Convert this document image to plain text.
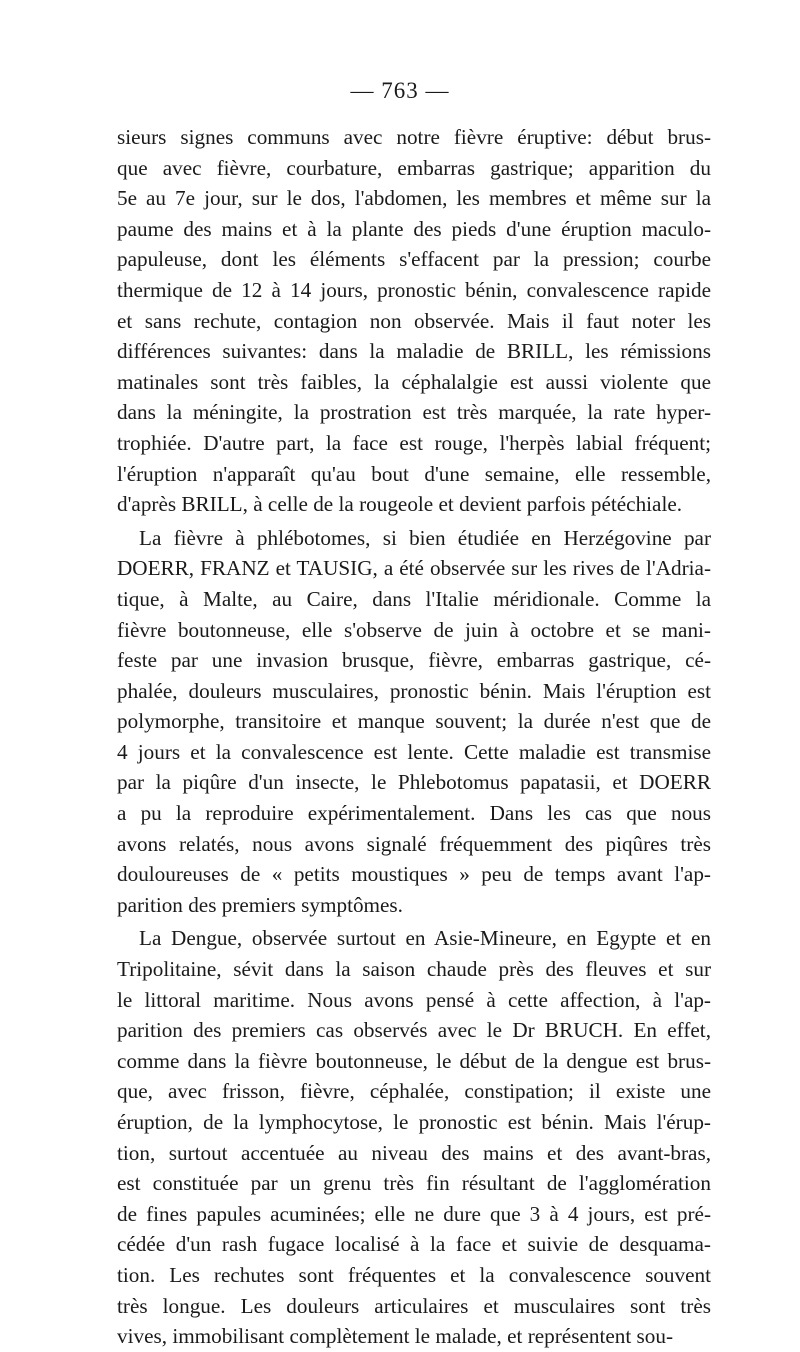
— 763 —
sieurs signes communs avec notre fièvre éruptive: début brus-
que avec fièvre, courbature, embarras gastrique; apparition du
5e au 7e jour, sur le dos, l'abdomen, les membres et même sur la
paume des mains et à la plante des pieds d'une éruption maculo-
papuleuse, dont les éléments s'effacent par la pression; courbe
thermique de 12 à 14 jours, pronostic bénin, convalescence rapide
et sans rechute, contagion non observée. Mais il faut noter les
différences suivantes: dans la maladie de BRILL, les rémissions
matinales sont très faibles, la céphalalgie est aussi violente que
dans la méningite, la prostration est très marquée, la rate hyper-
trophiée. D'autre part, la face est rouge, l'herpès labial fréquent;
l'éruption n'apparaît qu'au bout d'une semaine, elle ressemble,
d'après BRILL, à celle de la rougeole et devient parfois pétéchiale.
La fièvre à phlébotomes, si bien étudiée en Herzégovine par
DOERR, FRANZ et TAUSIG, a été observée sur les rives de l'Adria-
tique, à Malte, au Caire, dans l'Italie méridionale. Comme la
fièvre boutonneuse, elle s'observe de juin à octobre et se mani-
feste par une invasion brusque, fièvre, embarras gastrique, cé-
phalée, douleurs musculaires, pronostic bénin. Mais l'éruption est
polymorphe, transitoire et manque souvent; la durée n'est que de
4 jours et la convalescence est lente. Cette maladie est transmise
par la piqûre d'un insecte, le Phlebotomus papatasii, et DOERR
a pu la reproduire expérimentalement. Dans les cas que nous
avons relatés, nous avons signalé fréquemment des piqûres très
douloureuses de « petits moustiques » peu de temps avant l'ap-
parition des premiers symptômes.
La Dengue, observée surtout en Asie-Mineure, en Egypte et en
Tripolitaine, sévit dans la saison chaude près des fleuves et sur
le littoral maritime. Nous avons pensé à cette affection, à l'ap-
parition des premiers cas observés avec le Dr BRUCH. En effet,
comme dans la fièvre boutonneuse, le début de la dengue est brus-
que, avec frisson, fièvre, céphalée, constipation; il existe une
éruption, de la lymphocytose, le pronostic est bénin. Mais l'érup-
tion, surtout accentuée au niveau des mains et des avant-bras,
est constituée par un grenu très fin résultant de l'agglomération
de fines papules acuminées; elle ne dure que 3 à 4 jours, est pré-
cédée d'un rash fugace localisé à la face et suivie de desquama-
tion. Les rechutes sont fréquentes et la convalescence souvent
très longue. Les douleurs articulaires et musculaires sont très
vives, immobilisant complètement le malade, et représentent sou-
